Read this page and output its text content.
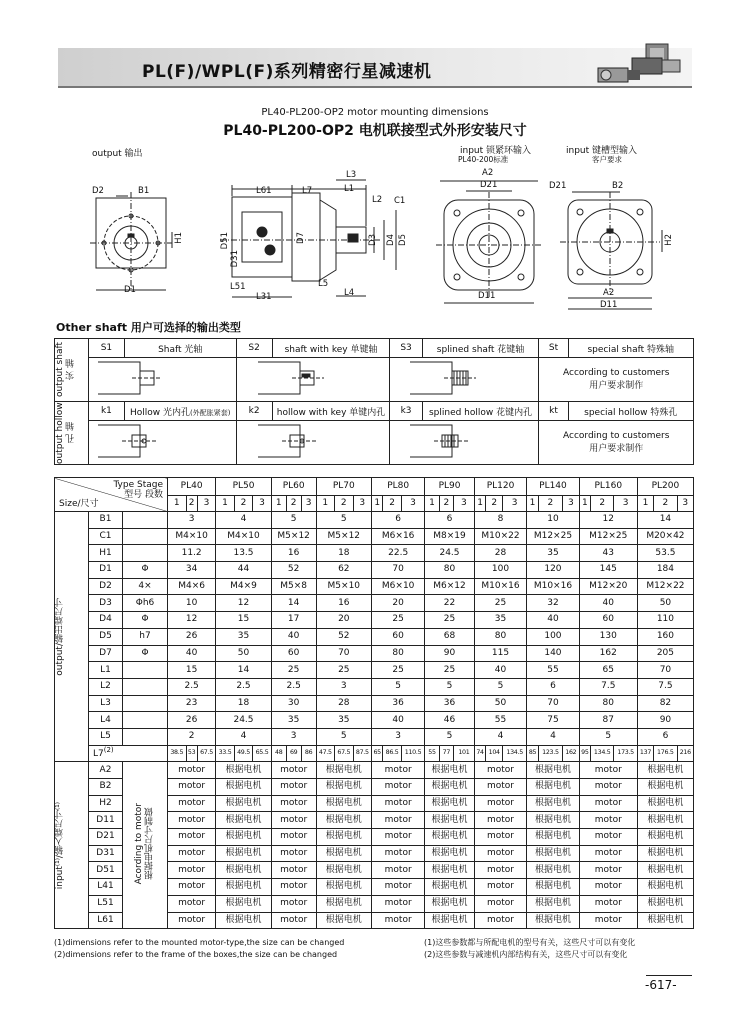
PL(F)/WPL(F)系列精密行星减速机
PL40-PL200-OP2 motor mounting dimensions
PL40-PL200-OP2 电机联接型式外形安装尺寸
output 输出	input 锁紧环输入
PL40-200标准
input 键槽型输入
客户要求
D2	B1
H1
D1
L61	L7
L3
L1
L2 C1
D51
D31
D7	D3 D4 D5
L51
L31
L5
L4
A2
D21
D11
D21	B2
H2
A2
D11
Other shaft 用户可选择的输出类型
output shaft 实 轴	S1	Shaft 光轴	S2	shaft with key 单键轴	S3	splined shaft 花键轴	St	special shaft 特殊轴

According to customers
用户要求制作	

output hollow 孔 轴	k1	Hollow 光内孔(外配胀紧套)	k2	hollow with key 单键内孔	k3	splined hollow 花键内孔	kt	special hollow 特殊孔

According to customers
用户要求制作	
Type Stage
型号 段数
Size/尺寸			PL40			PL50			PL60			PL70			PL80			PL90			PL120			PL140			PL160			PL200		
			1	2	3	1	2	3	1	2	3	1	2	3	1	2	3	1	2	3	1	2	3	1	2	3	1	2	3	1	2	3

output/输出端尺寸	B1		3			4			5			5			6			6			8			10			12			14		
	C1		M4×10			M4×10			M5×12			M5×12			M6×16			M8×19			M10×22			M12×25			M12×25			M20×42		
	H1		11.2			13.5			16			18			22.5			24.5			28			35			43			53.5		
	D1	Φ	34			44			52			62			70			80			100			120			145			184		
	D2	4×	M4×6			M4×9			M5×8			M5×10			M6×10			M6×12			M10×16			M10×16			M12×20			M12×22		
	D3	Φh6	10			12			14			16			20			22			25			32			40			50		
	D4	Φ	12			15			17			20			25			25			35			40			60			110		
	D5	h7	26			35			40			52			60			68			80			100			130			160		
	D7	Φ	40			50			60			70			80			90			115			140			162			205		
	L1		15			14			25			25			25			25			40			55			65			70		
	L2		2.5			2.5			2.5			3			5			5			5			6			7.5			7.5		
	L3		23			18			30			28			36			36			50			70			80			82		
	L4		26			24.5			35			35			40			46			55			75			87			90		
	L5		2			4			3			5			3			5			4			4			5			6		
	L7$^{(2)}$		38.5	53	67.5	33.5	49.5	65.5	48	69	86	47.5	67.5	87.5	65	86.5	110.5	55	77	101	74	104	134.5	85	123.5	162	95	134.5	173.5	137	176.5	216

input⁽¹⁾/输入端尺寸⁽¹⁾	A2	Acording to motor 根据电机尺寸制做	motor			根据电机			motor			根据电机			motor			根据电机			motor			根据电机			motor			根据电机		
	B2		motor			根据电机			motor			根据电机			motor			根据电机			motor			根据电机			motor			根据电机		
	H2		motor			根据电机			motor			根据电机			motor			根据电机			motor			根据电机			motor			根据电机		
	D11		motor			根据电机			motor			根据电机			motor			根据电机			motor			根据电机			motor			根据电机		
	D21		motor			根据电机			motor			根据电机			motor			根据电机			motor			根据电机			motor			根据电机		
	D31		motor			根据电机			motor			根据电机			motor			根据电机			motor			根据电机			motor			根据电机		
	D51		motor			根据电机			motor			根据电机			motor			根据电机			motor			根据电机			motor			根据电机		
	L41		motor			根据电机			motor			根据电机			motor			根据电机			motor			根据电机			motor			根据电机		
	L51		motor			根据电机			motor			根据电机			motor			根据电机			motor			根据电机			motor			根据电机		
	L61		motor			根据电机			motor			根据电机			motor			根据电机			motor			根据电机			motor			根据电机		
(1)dimensions refer to the mounted motor-type,the size can be changed
(2)dimensions refer to the frame of the boxes,the size can be changed
(1)这些参数都与所配电机的型号有关，这些尺寸可以有变化
(2)这些参数与减速机内部结构有关，这些尺寸可以有变化
-617-
